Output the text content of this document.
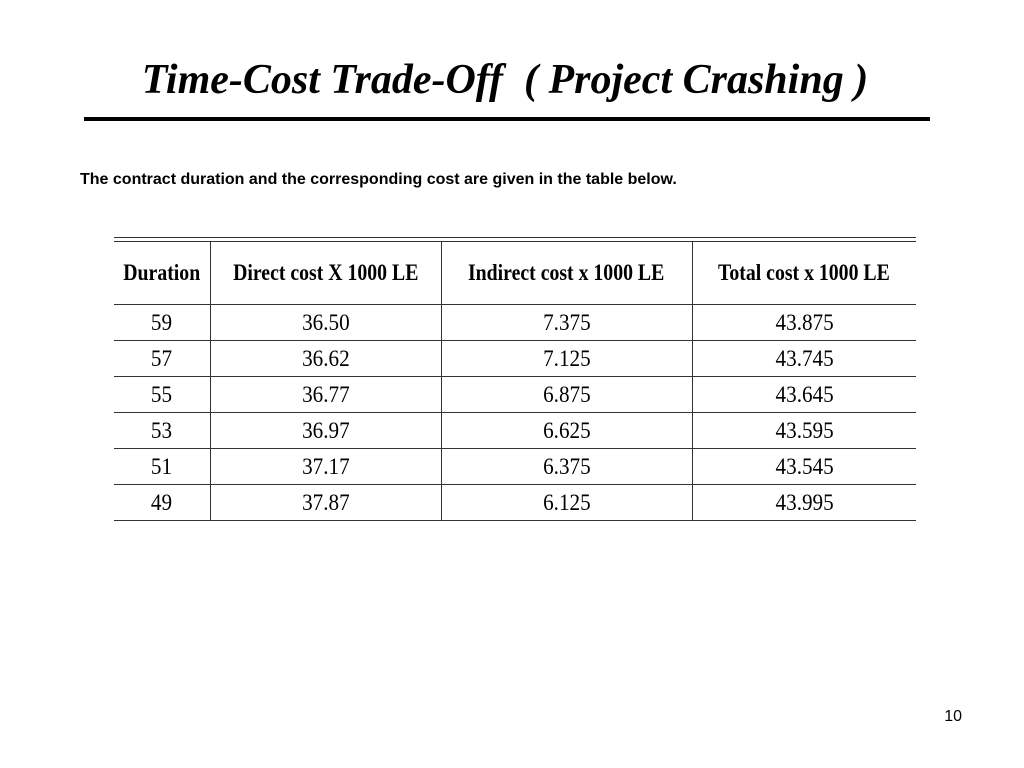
Time-Cost Trade-Off  ( Project Crashing )
The contract duration and the corresponding cost are given in the table below.
Duration	Direct cost X 1000 LE	Indirect cost x 1000 LE	Total cost x 1000 LE
59	36.50	7.375	43.875
57	36.62	7.125	43.745
55	36.77	6.875	43.645
53	36.97	6.625	43.595
51	37.17	6.375	43.545
49	37.87	6.125	43.995
10
